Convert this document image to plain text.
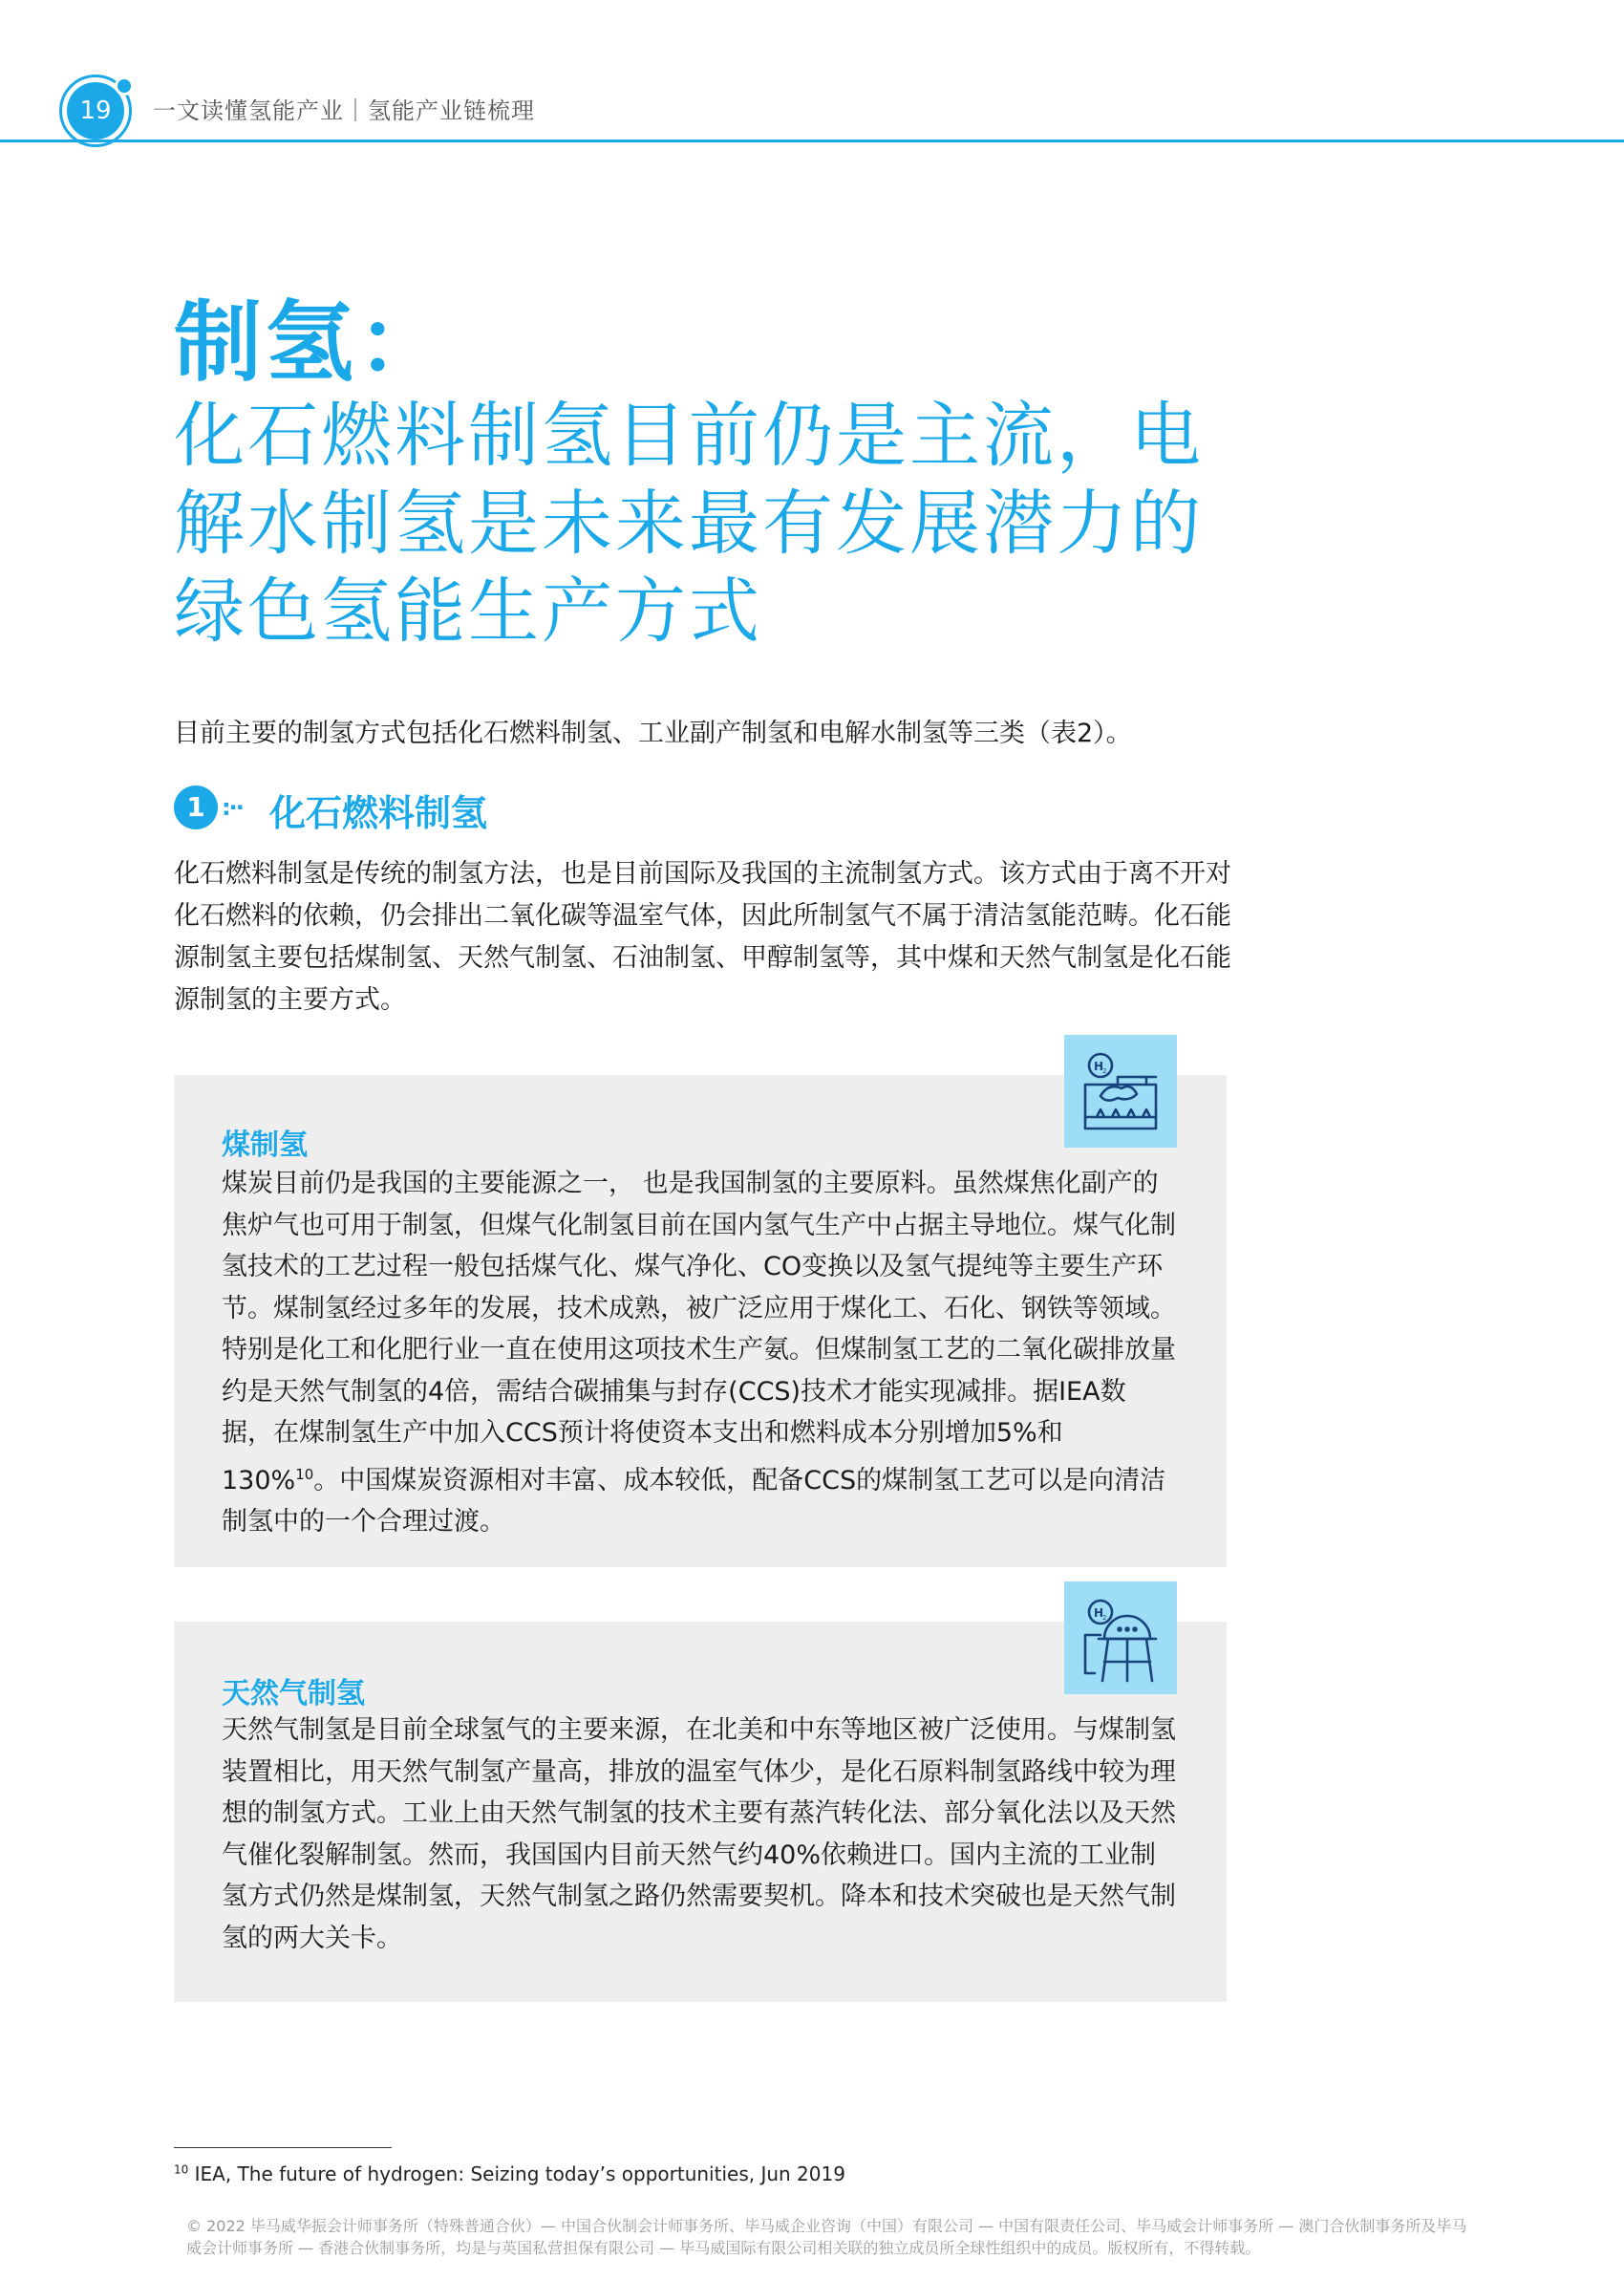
19	一文读懂氢能产业｜氢能产业链梳理
制氢：
化石燃料制氢目前仍是主流，电解水制氢是未来最有发展潜力的绿色氢能生产方式
目前主要的制氢方式包括化石燃料制氢、工业副产制氢和电解水制氢等三类（表2）。
1 :·· 化石燃料制氢
化石燃料制氢是传统的制氢方法，也是目前国际及我国的主流制氢方式。该方式由于离不开对化石燃料的依赖，仍会排出二氧化碳等温室气体，因此所制氢气不属于清洁氢能范畴。化石能源制氢主要包括煤制氢、天然气制氢、石油制氢、甲醇制氢等，其中煤和天然气制氢是化石能源制氢的主要方式。
煤制氢
煤炭目前仍是我国的主要能源之一， 也是我国制氢的主要原料。虽然煤焦化副产的焦炉气也可用于制氢，但煤气化制氢目前在国内氢气生产中占据主导地位。煤气化制氢技术的工艺过程一般包括煤气化、煤气净化、CO变换以及氢气提纯等主要生产环节。煤制氢经过多年的发展，技术成熟，被广泛应用于煤化工、石化、钢铁等领域。特别是化工和化肥行业一直在使用这项技术生产氨。但煤制氢工艺的二氧化碳排放量约是天然气制氢的4倍，需结合碳捕集与封存(CCS)技术才能实现减排。据IEA数据，在煤制氢生产中加入CCS预计将使资本支出和燃料成本分别增加5%和130%$^{10}$。中国煤炭资源相对丰富、成本较低，配备CCS的煤制氢工艺可以是向清洁制氢中的一个合理过渡。
H
2
天然气制氢
天然气制氢是目前全球氢气的主要来源，在北美和中东等地区被广泛使用。与煤制氢装置相比，用天然气制氢产量高，排放的温室气体少，是化石原料制氢路线中较为理想的制氢方式。工业上由天然气制氢的技术主要有蒸汽转化法、部分氧化法以及天然气催化裂解制氢。然而，我国国内目前天然气约40%依赖进口。国内主流的工业制氢方式仍然是煤制氢，天然气制氢之路仍然需要契机。降本和技术突破也是天然气制氢的两大关卡。
H
2
$^{10}$ IEA, The future of hydrogen: Seizing today’s opportunities, Jun 2019
© 2022 毕马威华振会计师事务所（特殊普通合伙）— 中国合伙制会计师事务所、毕马威企业咨询（中国）有限公司 — 中国有限责任公司、毕马威会计师事务所 — 澳门合伙制事务所及毕马威会计师事务所 — 香港合伙制事务所，均是与英国私营担保有限公司 — 毕马威国际有限公司相关联的独立成员所全球性组织中的成员。版权所有，不得转载。
